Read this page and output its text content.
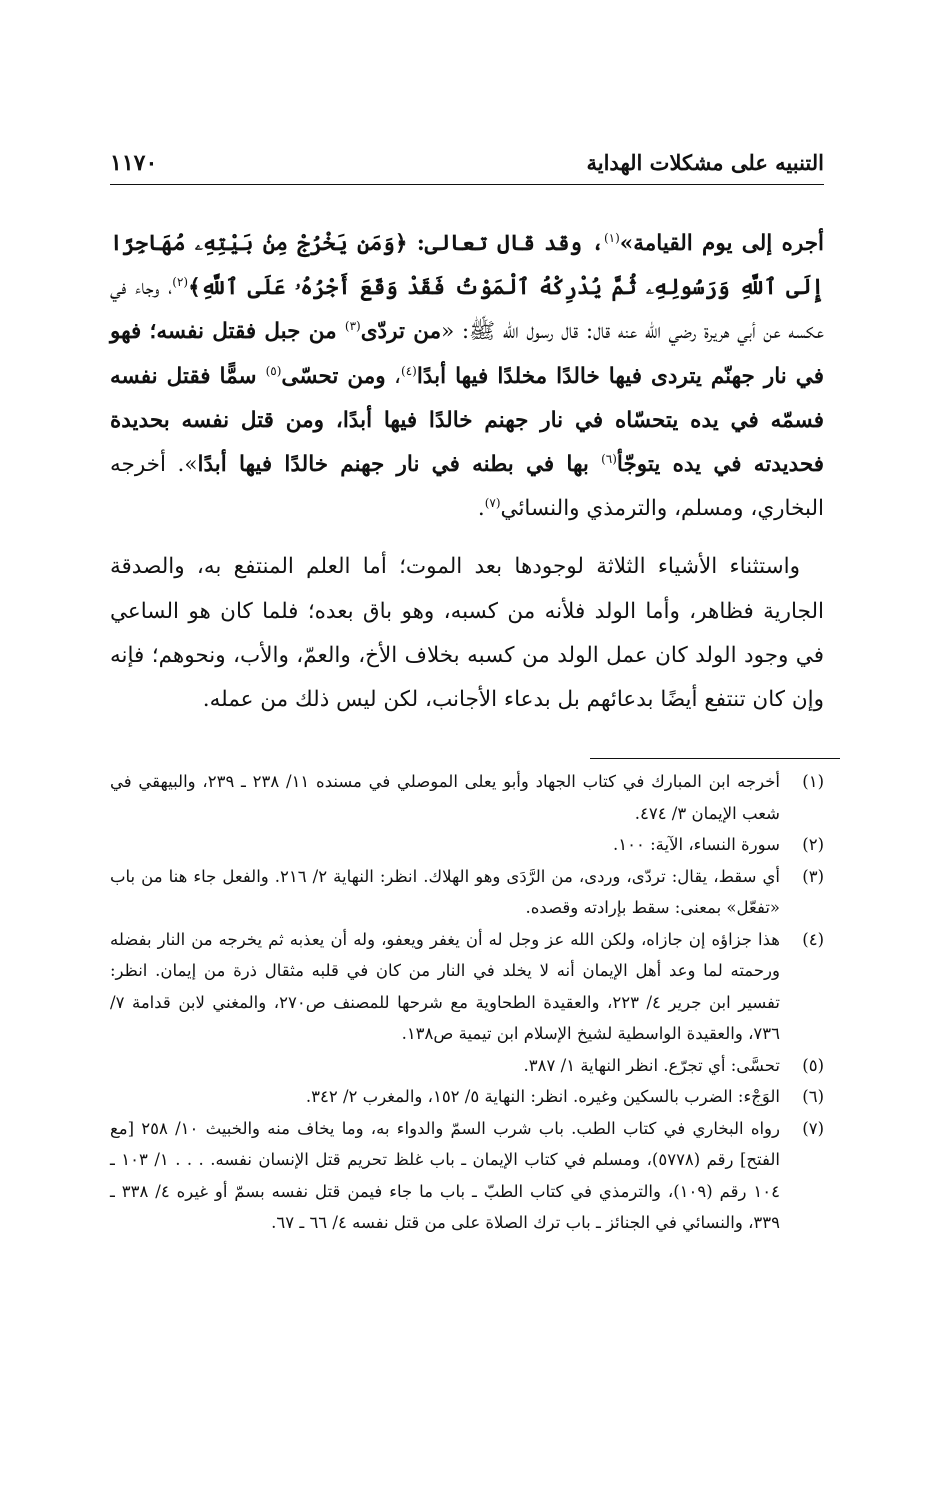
التنبيه على مشكلات الهداية
١١٧٠

أجره إلى يوم القيامة»$^{(١)}$، وقد قال تعالى: ﴿وَمَن يَخْرُجْ مِنۢ بَيْتِهِۦ مُهَاجِرًا إِلَى ٱللَّهِ وَرَسُولِهِۦ ثُمَّ يُدْرِكْهُ ٱلْمَوْتُ فَقَدْ وَقَعَ أَجْرُهُۥ عَلَى ٱللَّهِ﴾$^{(٢)}$، وجاء في عكسه عن أبي هريرة رضي الله عنه قال: قال رسول الله ﷺ: «من تردّى$^{(٣)}$ من جبل فقتل نفسه؛ فهو في نار جهنّم يتردى فيها خالدًا مخلدًا فيها أبدًا$^{(٤)}$، ومن تحسّى$^{(٥)}$ سمًّا فقتل نفسه فسمّه في يده يتحسّاه في نار جهنم خالدًا فيها أبدًا، ومن قتل نفسه بحديدة فحديدته في يده يتوجّأ$^{(٦)}$ بها في بطنه في نار جهنم خالدًا فيها أبدًا». أخرجه البخاري، ومسلم، والترمذي والنسائي$^{(٧)}$.

واستثناء الأشياء الثلاثة لوجودها بعد الموت؛ أما العلم المنتفع به، والصدقة الجارية فظاهر، وأما الولد فلأنه من كسبه، وهو باق بعده؛ فلما كان هو الساعي في وجود الولد كان عمل الولد من كسبه بخلاف الأخ، والعمّ، والأب، ونحوهم؛ فإنه وإن كان تنتفع أيضًا بدعائهم بل بدعاء الأجانب، لكن ليس ذلك من عمله.

(١)
أخرجه ابن المبارك في كتاب الجهاد وأبو يعلى الموصلي في مسنده ١١/ ٢٣٨ ـ ٢٣٩، والبيهقي في شعب الإيمان ٣/ ٤٧٤.
(٢)
سورة النساء، الآية: ١٠٠.
(٣)
أي سقط، يقال: تردّى، وردى، من الرَّدَى وهو الهلاك. انظر: النهاية ٢/ ٢١٦. والفعل جاء هنا من باب «تفعّل» بمعنى: سقط بإرادته وقصده.
(٤)
هذا جزاؤه إن جازاه، ولكن الله عز وجل له أن يغفر ويعفو، وله أن يعذبه ثم يخرجه من النار بفضله ورحمته لما وعد أهل الإيمان أنه لا يخلد في النار من كان في قلبه مثقال ذرة من إيمان. انظر: تفسير ابن جرير ٤/ ٢٢٣، والعقيدة الطحاوية مع شرحها للمصنف ص٢٧٠، والمغني لابن قدامة ٧/ ٧٣٦، والعقيدة الواسطية لشيخ الإسلام ابن تيمية ص١٣٨.
(٥)
تحسَّى: أي تجرّع. انظر النهاية ١/ ٣٨٧.
(٦)
الوَجْء: الضرب بالسكين وغيره. انظر: النهاية ٥/ ١٥٢، والمغرب ٢/ ٣٤٢.
(٧)
رواه البخاري في كتاب الطب. باب شرب السمّ والدواء به، وما يخاف منه والخبيث ١٠/ ٢٥٨ [مع الفتح] رقم (٥٧٧٨)، ومسلم في كتاب الإيمان ـ باب غلظ تحريم قتل الإنسان نفسه. . . . ١/ ١٠٣ ـ ١٠٤ رقم (١٠٩)، والترمذي في كتاب الطبّ ـ باب ما جاء فيمن قتل نفسه بسمّ أو غيره ٤/ ٣٣٨ ـ ٣٣٩، والنسائي في الجنائز ـ باب ترك الصلاة على من قتل نفسه ٤/ ٦٦ ـ ٦٧.
